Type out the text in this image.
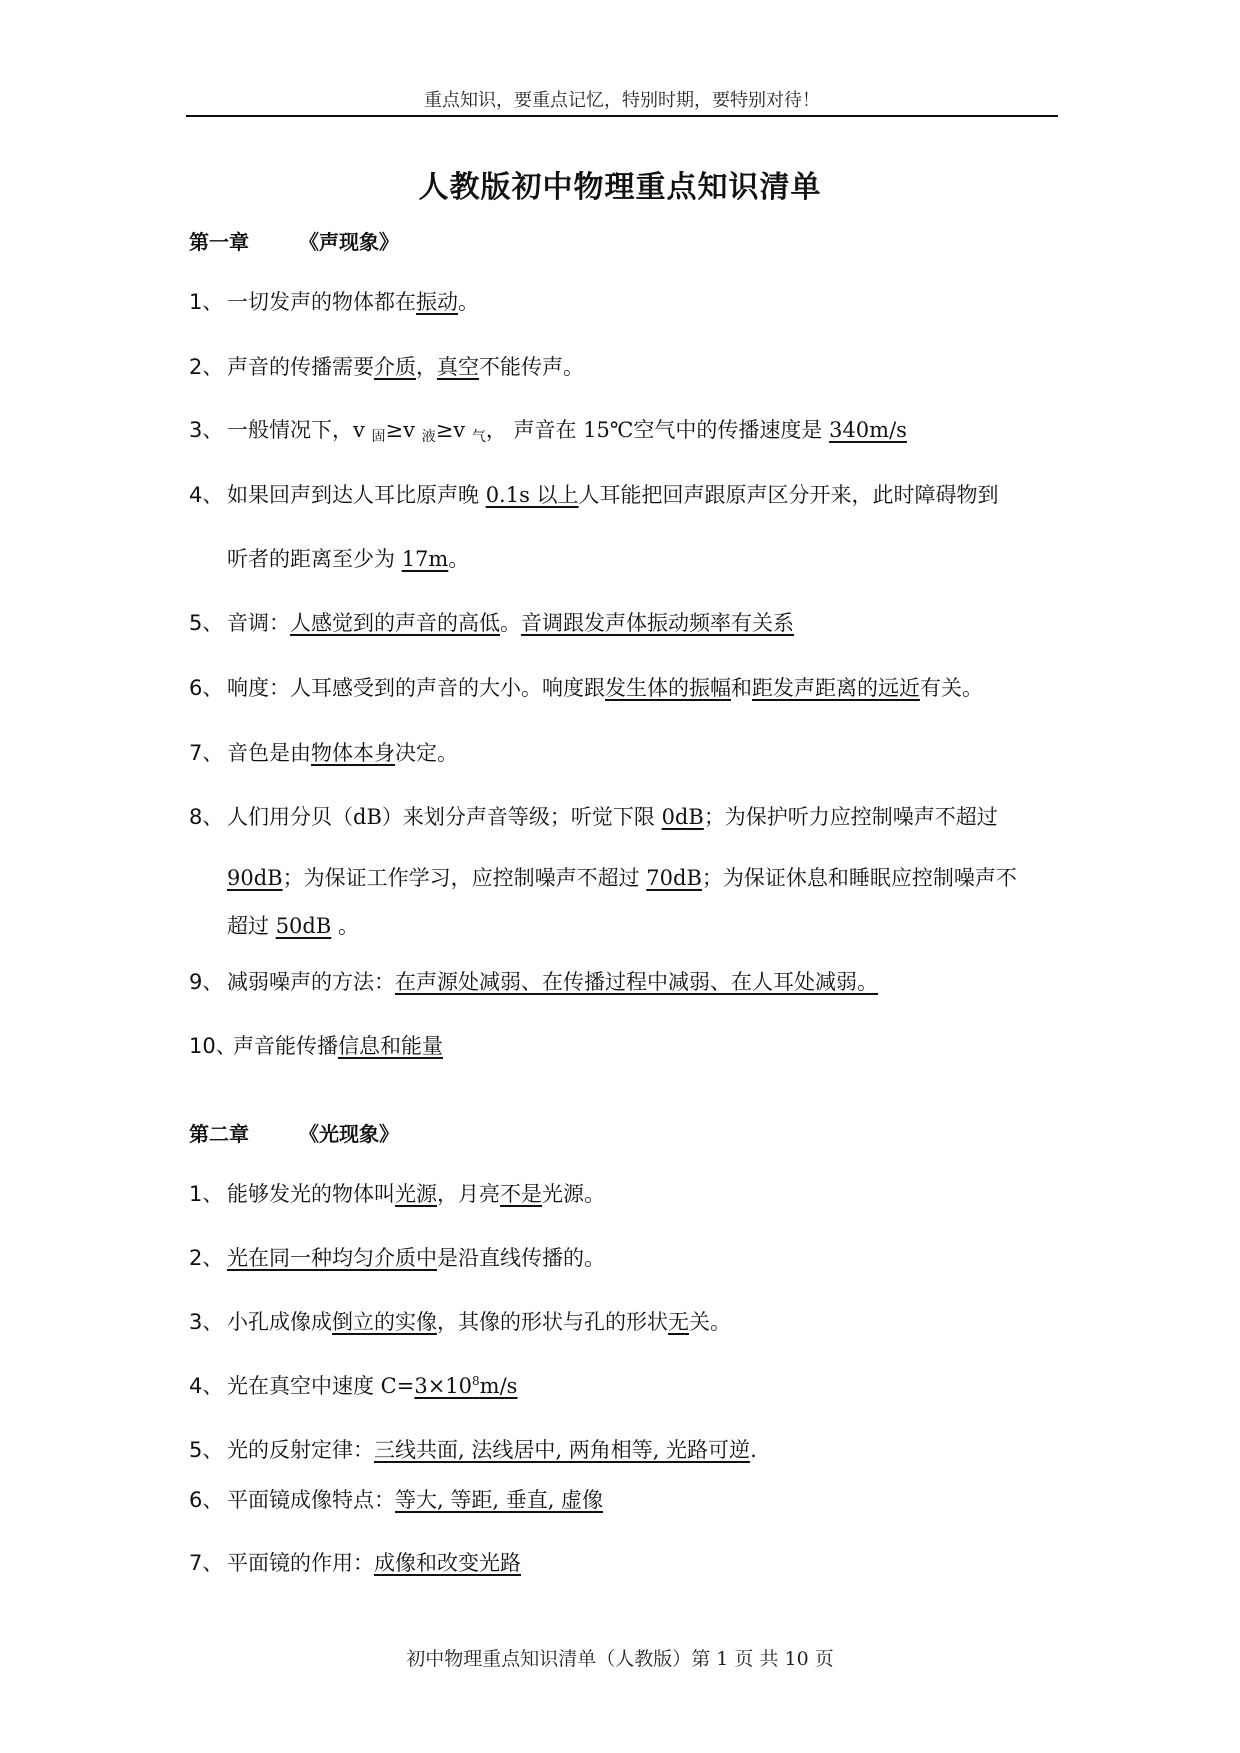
重点知识，要重点记忆，特别时期，要特别对待！
人教版初中物理重点知识清单
第一章	《声现象》
1、 一切发声的物体都在振动。
2、 声音的传播需要介质，真空不能传声。
3、 一般情况下，v $_固$≥v $_液$≥v $_气$， 声音在 15℃空气中的传播速度是 340m/s
4、 如果回声到达人耳比原声晚 0.1s 以上人耳能把回声跟原声区分开来，此时障碍物到
听者的距离至少为 17m。
5、 音调：人感觉到的声音的高低。音调跟发声体振动频率有关系
6、 响度：人耳感受到的声音的大小。响度跟发生体的振幅和距发声距离的远近有关。
7、 音色是由物体本身决定。
8、 人们用分贝（dB）来划分声音等级；听觉下限 0dB；为保护听力应控制噪声不超过
90dB；为保证工作学习，应控制噪声不超过 70dB；为保证休息和睡眠应控制噪声不
超过 50dB 。
9、 减弱噪声的方法：在声源处减弱、在传播过程中减弱、在人耳处减弱。
10、声音能传播信息和能量
第二章	《光现象》
1、 能够发光的物体叫光源，月亮不是光源。
2、 光在同一种均匀介质中是沿直线传播的。
3、 小孔成像成倒立的实像，其像的形状与孔的形状无关。
4、 光在真空中速度 $C=3\times 10^8m/s$
5、 光的反射定律：三线共面, 法线居中, 两角相等, 光路可逆.
6、 平面镜成像特点：等大, 等距, 垂直, 虚像
7、 平面镜的作用：成像和改变光路
初中物理重点知识清单（人教版）第 1 页 共 10 页
